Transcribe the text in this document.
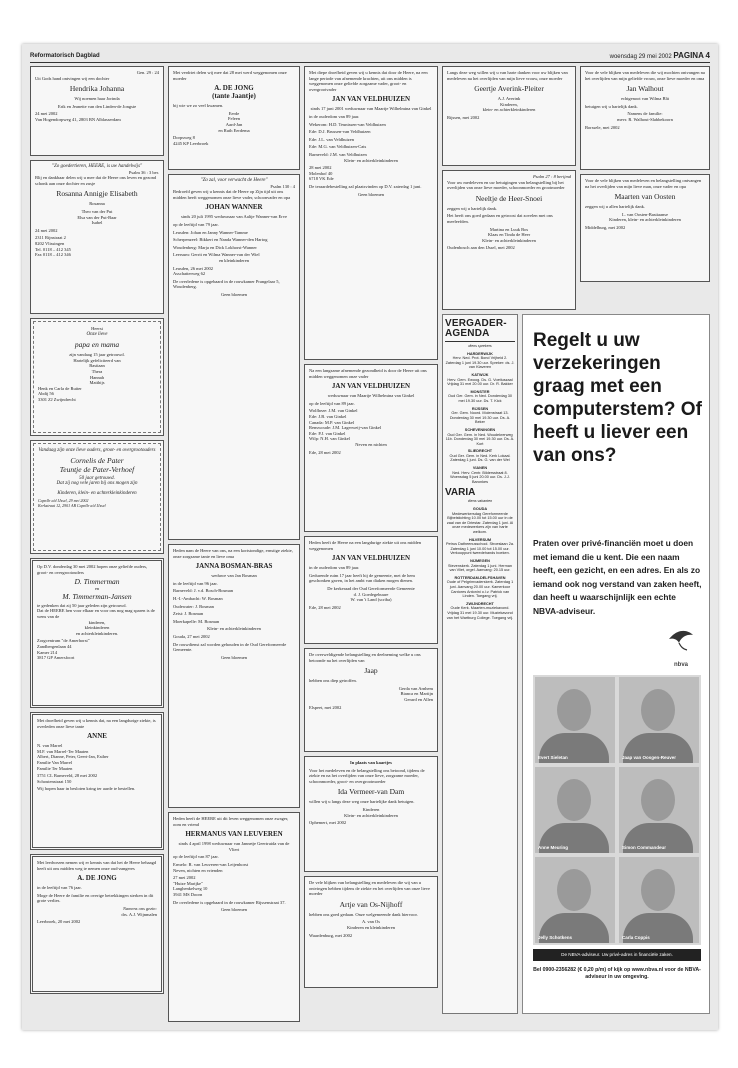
Reformatorisch Dagblad	woensdag 29 mei 2002 PAGINA 4
Gen. 29 : 24
Uit Gods hand ontvingen wij een dochter
Hendrika Johanna
Wij noemen haar Jorinda
Erik en Jeanette van den Linden-de Jongste
24 mei 2002
Van Hogendorpweg 41, 2803 BN Alblasserdam
"Zo goedertieren, HEERE, is uw handelwijs"
Psalm 36 : 3 ber.
Blij en dankbaar delen wij u mee dat de Heere ons leven en gezond schonk aan onze dochter en zusje
Rosanna Annigje Elisabeth
Rosanna
Theo van der Put
Elsa van der Put-Baar
Isabel
24 mei 2002
2311 Rijnstraat 2
8202 Vlissingen
Tel. 0118 – 412 345
Fax 0118 – 412 346
Heerst
Onze lieve
papa en mama
zijn vandaag 15 jaar getrouwd.
Hartelijk gefeliciteerd van
Bastiaan
Thera
Hannah
Matthijs
Henk en Carla de Ruiter
Abdij 56
3301 ZJ Zwijndrecht
Vandaag zijn onze lieve ouders, groot- en overgrootouders
Cornelis de Pater
Teuntje de Pater-Verhoef
50 jaar getrouwd.
Dat zij nog vele jaren bij ons mogen zijn
Kinderen, klein- en achterkleinkinderen
Capelle a/d IJssel, 29 mei 2002
Kerkstraat 12, 2901 AB Capelle a/d IJssel
Op D.V. donderdag 30 mei 2002 hopen onze geliefde ouders, groot- en overgrootouders
D. Timmerman
en
M. Timmerman-Jansen
te gedenken dat zij 50 jaar geleden zijn getrouwd.
Dat de HEERE hen voor elkaar en voor ons nog mag sparen is de wens van de
kinderen,
kleinkinderen
en achterkleinkinderen.
Zorgcentrum "de Amerhorst"
Zandbergenlaan 44
Kamer 214
3817 GP Amersfoort
Met droefheid geven wij u kennis dat, na een langdurige ziekte, is overleden onze lieve tante
ANNE
N. van Marrel
M.F. van Marrel-Ter Maaten
Albert, Dianne, Peter, Geert-Jan, Esther
Familie Van Marrel
Familie Ter Maaten
3751 CL Barneveld, 28 mei 2002
Schoutenstraat 150
Wij hopen haar in besloten kring ter aarde te bestellen.
Met leedwezen nemen wij er kennis van dat het de Heere behaagd heeft uit ons midden weg te nemen onze oud-zangeres
A. DE JONG
in de leeftijd van 76 jaar.
Moge de Heere de familie en overige betrekkingen sterken in dit grote verlies.
Namens ons gezin:
drs. A.J. Wijnmalen
Leerbroek, 20 mei 2002
Met verdriet delen wij mee dat 28 mei werd weggenomen onze moeder
A. DE JONG
(tante Jaantje)
bij wie we zo veel kwamen.
Eerde
Feleen
Aard-Jan
en Ruth Eerdema
Dorpsweg 8
4245 KP Leerbroek
"Zo zal, voor verwacht de Heere"
Psalm 130 : 4
Bedroefd geven wij u kennis dat de Heere op Zijn tijd uit ons midden heeft weggenomen onze lieve vader, schoonvader en opa
JOHAN WANNER
sinds 20 juli 1995 weduwnaar van Aaltje Wanner-van Erve
op de leeftijd van 79 jaar.
Leusden: Johan en Janny Wanner-Tamme
Scherpenzeel: Bikkert en Nanda Wanner-den Hartog
Woudenberg: Marja en Dick Lokhorst-Wanner
Leersum: Gerrit en Wilma Wanner-van der Wiel
en kleinkinderen
Leusden, 26 mei 2002
Asschatterweg 62
De overledene is opgebaard in de rouwkamer Prangelaar 5, Woudenberg.
Geen bloemen
Heden nam de Heere van ons, na een kortstondige, ernstige ziekte, onze zorgzame tante en lieve oma
JANNA BOSMAN-BRAS
weduwe van Jan Bosman
in de leeftijd van 96 jaar.
Barneveld: J. v.d. Bosch-Bosman
H.-I.-Ambacht: W. Bosman
Oudewater: J. Bosman
Zeist: J. Bosman
Moerkapelle: M. Bosman
Klein- en achterkleinkinderen
Gouda, 27 mei 2002
De rouwdienst zal worden gehouden in de Oud Gereformeerde Gemeente.
Geen bloemen
Heden heeft de HEERE uit dit leven weggenomen onze zwager, oom en vriend
HERMANUS VAN LEUVEREN
sinds 4 april 1998 weduwnaar van Jannetje Geertruida van de Vliert
op de leeftijd van 87 jaar.
Ermelo: R. van Leuveren-van Leijenhorst
Neven, nichten en vrienden
27 mei 2002
"Huize Marijke"
Langhenkelweg 10
3941 MS Doorn
De overledene is opgebaard in de rouwkamer Rijssenstraat 37.
Geen bloemen
Met diepe droefheid geven wij u kennis dat door de Heere, na een lange periode van afnemende krachten, uit ons midden is weggenomen onze geliefde zorgzame vader, groot- en overgrootvader
JAN VAN VELDHUIZEN
sinds 17 juni 2001 weduwnaar van Maartje Wilhelmina van Ginkel
in de ouderdom van 89 jaar.
Wekerom: H.D. Teunissen-van Veldhuizen
Ede: D.J. Brussen-van Veldhuizen
Ede: J.L. van Veldhuizen
Ede: M.G. van Veldhuizen-Cats
Barneveld: J.M. van Veldhuizen
Klein- en achterkleinkinderen
28 mei 2002
Molenhof 40
6718 VK Ede
De teraardebestelling zal plaatsvinden op D.V. zaterdag 1 juni.
Geen bloemen
Na een langzame afnemende gezondheid is door de Heere uit ons midden weggenomen onze vader
JAN VAN VELDHUIZEN
weduwnaar van Maartje Wilhelmina van Ginkel
op de leeftijd van 89 jaar.
Wolfheze: J.M. van Ginkel
Ede: J.B. van Ginkel
Canada: M.P. van Ginkel
Renswoude: J.M. Lagerweij-van Ginkel
Ede: P.J. van Ginkel
Wilp: N.H. van Ginkel
Neven en nichten
Ede, 28 mei 2002
Heden heeft de Heere na een langdurige ziekte uit ons midden weggenomen
JAN VAN VELDHUIZEN
in de ouderdom van 89 jaar.
Gedurende ruim 17 jaar heeft hij de gemeente, met de hem geschonken gaven, in het ambt van diaken mogen dienen.
De kerkeraad der Oud Gereformeerde Gemeente
d. J. Goedegebuure
W. van 't Land (scriba)
Ede, 28 mei 2002
De overweldigende belangstelling en deelneming welke u ons betoonde na het overlijden van
Jaap
hebben ons diep getroffen.
Gerda van Arnhem
Bianca en Martijn
Gerard en Allen
Elspeet, mei 2002
In plaats van kaartjes
Voor het medeleven en de belangstelling ons betoond, tijdens de ziekte en na het overlijden van onze lieve, zorgzame moeder, schoonmoeder, groot- en overgrootmoeder
Ida Vermeer-van Dam
willen wij u langs deze weg onze hartelijke dank betuigen.
Kinderen
Klein- en achterkleinkinderen
Ophemert, mei 2002
De vele blijken van belangstelling en medeleven die wij van u ontvingen hebben tijdens de ziekte en het overlijden van onze lieve moeder
Artje van Os-Nijhoff
hebben ons goed gedaan. Onze welgemeende dank hiervoor.
A. van Os
Kinderen en kleinkinderen
Waardenburg, mei 2002
Langs deze weg willen wij u van harte danken voor uw blijken van medeleven na het overlijden van mijn lieve vrouw, onze moeder
Geertje Averink-Pleiter
A.J. Averink
Kinderen,
klein- en achterkleinkinderen
Rijssen, mei 2002
Psalm 27 : 8 berijmd
Voor uw medeleven en uw betuigingen van belangstelling bij het overlijden van onze lieve moeder, schoonmoeder en grootmoeder
Neeltje de Heer-Snoei
zeggen wij u hartelijk dank.
Het heeft ons goed gedaan en getroost dat zovelen met ons meeleefden.
Martina en Luuk Bos
Klaas en Tinda de Heer
Klein- en achterkleinkinderen
Oudenbosch aan den IJssel, mei 2002
Voor de vele blijken van medeleven die wij mochten ontvangen na het overlijden van mijn geliefde vrouw, onze lieve moeder en oma
Jan Walhout
echtgenoot van Wilma Blü
betuigen wij u hartelijk dank.
Namens de familie:
mevr. R. Walhout-Slabbekoorn
Borssele, mei 2002
Voor de vele blijken van medeleven en belangstelling ontvangen na het overlijden van mijn lieve man, onze vader en opa
Maarten van Oosten
zeggen wij u allen hartelijk dank.
L. van Oosten-Bastiaanse
Kinderen, klein- en achterkleinkinderen
Middelburg, mei 2002
VERGADER-
AGENDA
diens sprekers
HARDERWIJK
Herv. Ned. Prot. Bond Vrijheid 2. Zaterdag 1 juni 19.30 uur. Spreker: ds. J. van Klaveren
KATWIJK
Herv. Gem. Ewoog. Ds. G. Voetiuszaal Vrijdag 31 mei 20.00 uur. Dr. R. Bakker
MONSTER
Oud Ger. Gem. in Ned. Donderdag 30 mei 19.30 uur. Ds. T. Kick
RIJSSEN
Ger. Gem. Noord. Molenstraat 13. Donderdag 30 mei 19.30 uur. Ds. A. Beker
SCHEVENINGEN
Oud Ger. Gem. in Ned. Woudekrerweg 11b. Donderdag 30 mei 19.30 uur. Ds. A. Kort
SLIEDRECHT
Oud Ger. Gem. in Ned. Kerk Lokaal. Zaterdag 1 juni. Ds. G. van der Wel
VIANEN
Ned. Herv. Centr. Bildersstraat 8. Woensdag 5 juni 20.00 uur. Ds. J.J. Baronkes
VARIA
diens vakanten
GOUDA
Medewerkersdag Gereformeerde Bijbelstichting 10.00 tot 15.00 uur in de zaal van de Driestar. Zaterdag 1 juni. Al onze medewerkers zijn van harte welkom.
HILVERSUM
Petrus Datheenusschool. Stroeslaan 2a. Zaterdag 1 juni 10.00 tot 15.00 uur. Verkooppunt tweedehands boeken.
NIJMEGEN
Stevenskerk. Zaterdag 1 juni. Herman van Vliet, orgel. Aanvang: 20.15 uur.
ROTTERDAM-DELFSHAVEN
Oude of Pelgrimvaderskerk. Zaterdag 1 juni. Aanvang 20.00 uur. Kamerkoor Cantores Antonini o.l.v. Patrick van Linden. Toegang vrij.
ZWIJNDRECHT
Oude Kerk. Maarten-muziekavond. Vrijdag 31 mei 19.30 uur. Muziekavond van het Wartburg College. Toegang vrij.
Regelt u uw verzekeringen graag met een computerstem? Of heeft u liever een van ons?
Praten over privé-financiën moet u doen met iemand die u kent. Die een naam heeft, een gezicht, en een adres. En als zo iemand ook nog verstand van zaken heeft, dan heeft u waarschijnlijk een echte NBVA-adviseur.
nbva
Evert Sieletan	Jaap van Oosgen-Reuver
Anne Meuring	Simon Commandeur
Jelly Schotkens	Carla Coppis
De NBVA-adviseur. Uw privé-adres in financiële zaken.
Bel 0900-2356282 (€ 0,20 p/m) of kijk op www.nbva.nl voor de NBVA-adviseur in uw omgeving.
